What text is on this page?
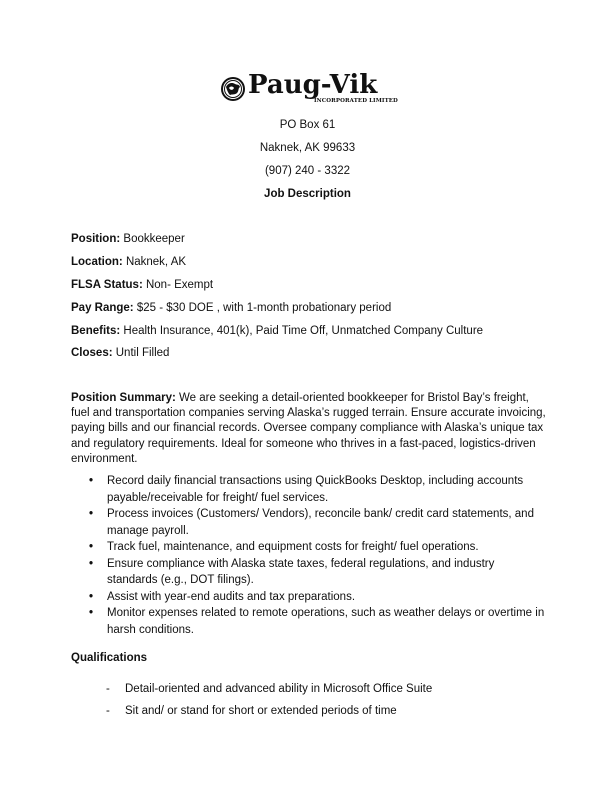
Paug-Vik
INCORPORATED LIMITED
PO Box 61
Naknek, AK 99633
(907) 240 - 3322
Job Description
Position: Bookkeeper
Location: Naknek, AK
FLSA Status: Non- Exempt
Pay Range: $25 - $30 DOE , with 1-month probationary period
Benefits: Health Insurance, 401(k), Paid Time Off, Unmatched Company Culture
Closes: Until Filled
Position Summary: We are seeking a detail-oriented bookkeeper for Bristol Bay’s freight, fuel and transportation companies serving Alaska’s rugged terrain. Ensure accurate invoicing, paying bills and our financial records. Oversee company compliance with Alaska’s unique tax and regulatory requirements. Ideal for someone who thrives in a fast-paced, logistics-driven environment.
• Record daily financial transactions using QuickBooks Desktop, including accounts payable/receivable for freight/ fuel services.
• Process invoices (Customers/ Vendors), reconcile bank/ credit card statements, and manage payroll.
• Track fuel, maintenance, and equipment costs for freight/ fuel operations.
• Ensure compliance with Alaska state taxes, federal regulations, and industry standards (e.g., DOT filings).
• Assist with year-end audits and tax preparations.
• Monitor expenses related to remote operations, such as weather delays or overtime in harsh conditions.
Qualifications
- Detail-oriented and advanced ability in Microsoft Office Suite
- Sit and/ or stand for short or extended periods of time
